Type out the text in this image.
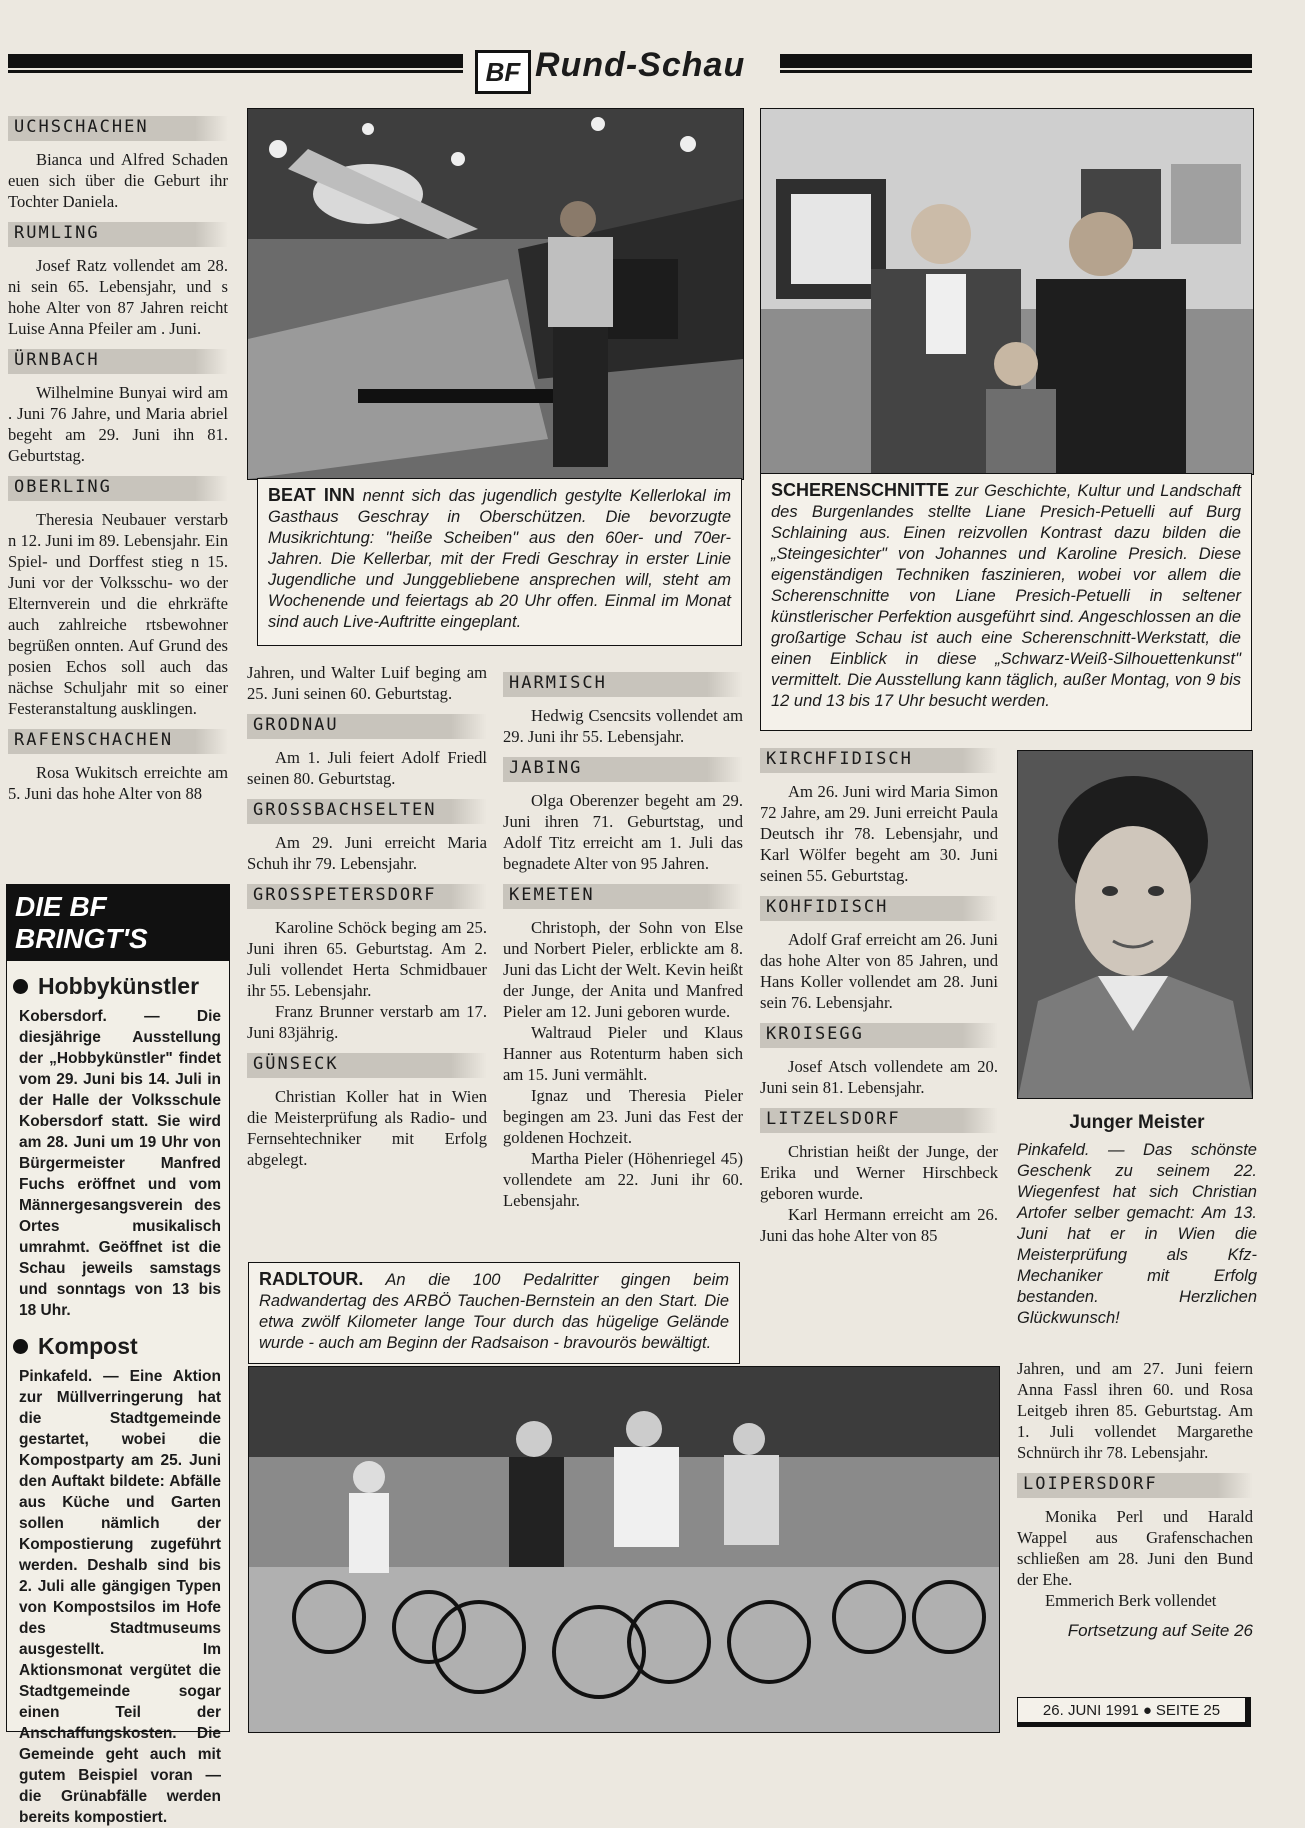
BF Rund-Schau
UCHSCHACHEN

Bianca und Alfred Schaden euen sich über die Geburt ihr Tochter Daniela.

RUMLING

Josef Ratz vollendet am 28. ni sein 65. Lebensjahr, und s hohe Alter von 87 Jahren reicht Luise Anna Pfeiler am . Juni.

ÜRNBACH

Wilhelmine Bunyai wird am . Juni 76 Jahre, und Maria abriel begeht am 29. Juni ihn 81. Geburtstag.

OBERLING

Theresia Neubauer verstarb n 12. Juni im 89. Lebensjahr. Ein Spiel- und Dorffest stieg n 15. Juni vor der Volksschu- wo der Elternverein und die ehrkräfte auch zahlreiche rtsbewohner begrüßen onnten. Auf Grund des posien Echos soll auch das nächse Schuljahr mit so einer Festeranstaltung ausklingen.

RAFENSCHACHEN

Rosa Wukitsch erreichte am 5. Juni das hohe Alter von 88

DIE BF BRINGT'S
Hobbykünstler

Kobersdorf. — Die diesjährige Ausstellung der „Hobbykünstler" findet vom 29. Juni bis 14. Juli in der Halle der Volksschule Kobersdorf statt. Sie wird am 28. Juni um 19 Uhr von Bürgermeister Manfred Fuchs eröffnet und vom Männergesangsverein des Ortes musikalisch umrahmt. Geöffnet ist die Schau jeweils samstags und sonntags von 13 bis 18 Uhr.

Kompost

Pinkafeld. — Eine Aktion zur Müllverringerung hat die Stadtgemeinde gestartet, wobei die Kompostparty am 25. Juni den Auftakt bildete: Abfälle aus Küche und Garten sollen nämlich der Kompostierung zugeführt werden. Deshalb sind bis 2. Juli alle gängigen Typen von Kompostsilos im Hofe des Stadtmuseums ausgestellt. Im Aktionsmonat vergütet die Stadtgemeinde sogar einen Teil der Anschaffungskosten. Die Gemeinde geht auch mit gutem Beispiel voran — die Grünabfälle werden bereits kompostiert.

BEAT INN nennt sich das jugendlich gestylte Kellerlokal im Gasthaus Geschray in Oberschützen. Die bevorzugte Musikrichtung: "heiße Scheiben" aus den 60er- und 70er-Jahren. Die Kellerbar, mit der Fredi Geschray in erster Linie Jugendliche und Junggebliebene ansprechen will, steht am Wochenende und feiertags ab 20 Uhr offen. Einmal im Monat sind auch Live-Auftritte eingeplant.
SCHERENSCHNITTE zur Geschichte, Kultur und Landschaft des Burgenlandes stellte Liane Presich-Petuelli auf Burg Schlaining aus. Einen reizvollen Kontrast dazu bilden die „Steingesichter" von Johannes und Karoline Presich. Diese eigenständigen Techniken faszinieren, wobei vor allem die Scherenschnitte von Liane Presich-Petuelli in seltener künstlerischer Perfektion ausgeführt sind. Angeschlossen an die großartige Schau ist auch eine Scherenschnitt-Werkstatt, die einen Einblick in diese „Schwarz-Weiß-Silhouettenkunst" vermittelt. Die Ausstellung kann täglich, außer Montag, von 9 bis 12 und 13 bis 17 Uhr besucht werden.

Jahren, und Walter Luif beging am 25. Juni seinen 60. Geburtstag.

GRODNAU

Am 1. Juli feiert Adolf Friedl seinen 80. Geburtstag.

GROSSBACHSELTEN

Am 29. Juni erreicht Maria Schuh ihr 79. Lebensjahr.

GROSSPETERSDORF

Karoline Schöck beging am 25. Juni ihren 65. Geburtstag. Am 2. Juli vollendet Herta Schmidbauer ihr 55. Lebensjahr.

Franz Brunner verstarb am 17. Juni 83jährig.

GÜNSECK

Christian Koller hat in Wien die Meisterprüfung als Radio- und Fernsehtechniker mit Erfolg abgelegt.

HARMISCH

Hedwig Csencsits vollendet am 29. Juni ihr 55. Lebensjahr.

JABING

Olga Oberenzer begeht am 29. Juni ihren 71. Geburtstag, und Adolf Titz erreicht am 1. Juli das begnadete Alter von 95 Jahren.

KEMETEN

Christoph, der Sohn von Else und Norbert Pieler, erblickte am 8. Juni das Licht der Welt. Kevin heißt der Junge, der Anita und Manfred Pieler am 12. Juni geboren wurde.

Waltraud Pieler und Klaus Hanner aus Rotenturm haben sich am 15. Juni vermählt.

Ignaz und Theresia Pieler begingen am 23. Juni das Fest der goldenen Hochzeit.

Martha Pieler (Höhenriegel 45) vollendete am 22. Juni ihr 60. Lebensjahr.

RADLTOUR. An die 100 Pedalritter gingen beim Radwandertag des ARBÖ Tauchen-Bernstein an den Start. Die etwa zwölf Kilometer lange Tour durch das hügelige Gelände wurde - auch am Beginn der Radsaison - bravourös bewältigt.
KIRCHFIDISCH

Am 26. Juni wird Maria Simon 72 Jahre, am 29. Juni erreicht Paula Deutsch ihr 78. Lebensjahr, und Karl Wölfer begeht am 30. Juni seinen 55. Geburtstag.

KOHFIDISCH

Adolf Graf erreicht am 26. Juni das hohe Alter von 85 Jahren, und Hans Koller vollendet am 28. Juni sein 76. Lebensjahr.

KROISEGG

Josef Atsch vollendete am 20. Juni sein 81. Lebensjahr.

LITZELSDORF

Christian heißt der Junge, der Erika und Werner Hirschbeck geboren wurde.

Karl Hermann erreicht am 26. Juni das hohe Alter von 85

Junger Meister
Pinkafeld. — Das schönste Geschenk zu seinem 22. Wiegenfest hat sich Christian Artofer selber gemacht: Am 13. Juni hat er in Wien die Meisterprüfung als Kfz-Mechaniker mit Erfolg bestanden. Herzlichen Glückwunsch!

Jahren, und am 27. Juni feiern Anna Fassl ihren 60. und Rosa Leitgeb ihren 85. Geburtstag. Am 1. Juli vollendet Margarethe Schnürch ihr 78. Lebensjahr.

LOIPERSDORF

Monika Perl und Harald Wappel aus Grafenschachen schließen am 28. Juni den Bund der Ehe.

Emmerich Berk vollendet

Fortsetzung auf Seite 26
26. JUNI 1991 ● SEITE 25
